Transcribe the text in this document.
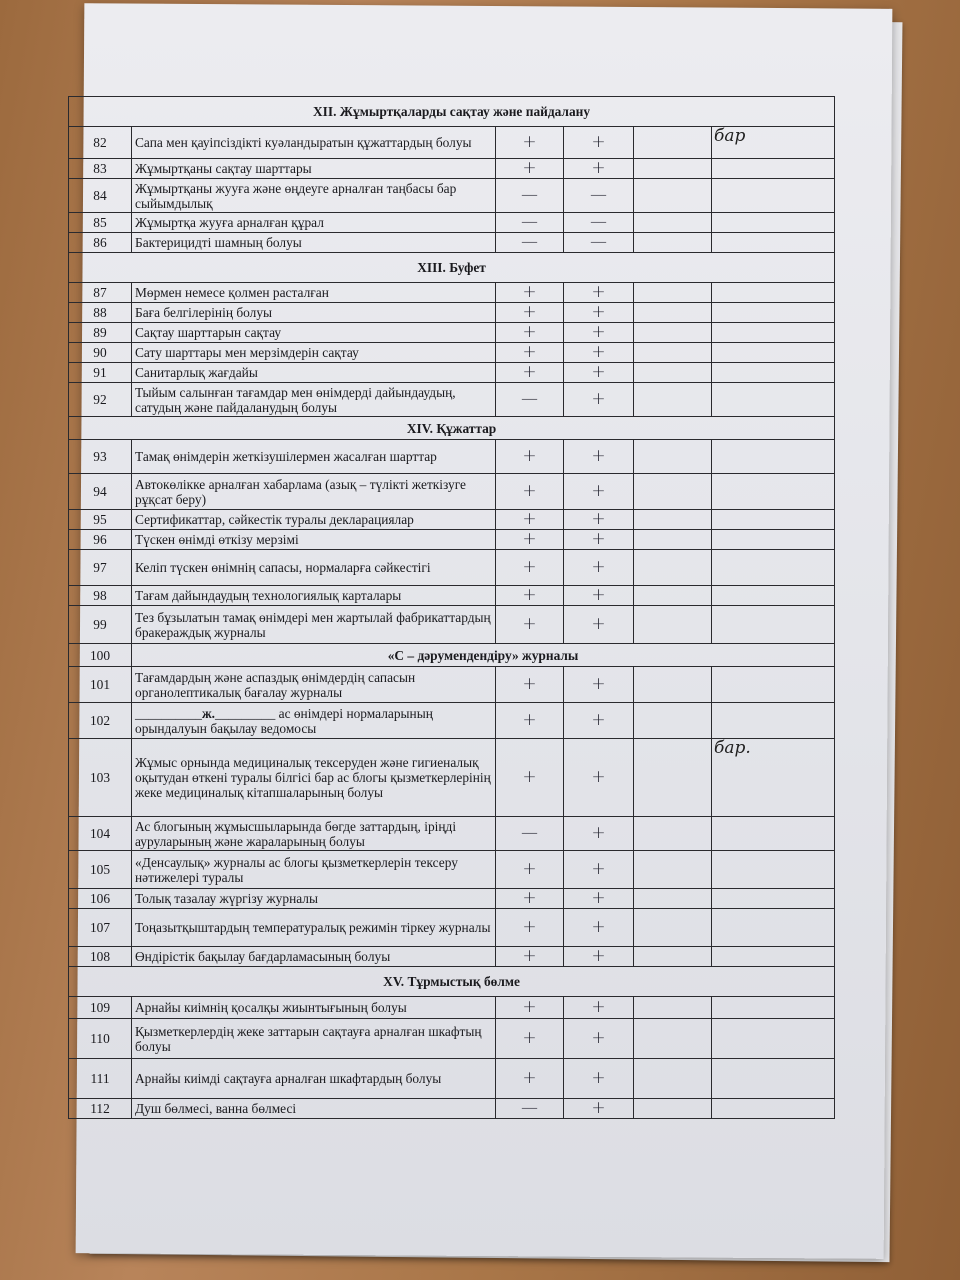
XII. Жұмыртқаларды сақтау және пайдалану					
82	Сапа мен қауіпсіздікті куәландыратын құжаттардың болуы	+	+		бар
83	Жұмыртқаны сақтау шарттары	+	+		
84	Жұмыртқаны жууға және өңдеуге арналған таңбасы бар сыйымдылық	—	—		
85	Жұмыртқа жууға арналған құрал	—	—		
86	Бактерицидті шамның болуы	—	—		
XIII. Буфет					
87	Мөрмен немесе қолмен расталған	+	+		
88	Баға белгілерінің болуы	+	+		
89	Сақтау шарттарын сақтау	+	+		
90	Сату шарттары мен мерзімдерін сақтау	+	+		
91	Санитарлық жағдайы	+	+		
92	Тыйым салынған тағамдар мен өнімдерді дайындаудың, сатудың және пайдаланудың болуы	—	+		
XIV. Құжаттар					
93	Тамақ өнімдерін жеткізушілермен жасалған шарттар	+	+		
94	Автокөлікке арналған хабарлама (азық – түлікті жеткізуге рұқсат беру)	+	+		
95	Сертификаттар, сәйкестік туралы декларациялар	+	+		
96	Түскен өнімді өткізу мерзімі	+	+		
97	Келіп түскен өнімнің сапасы, нормаларға сәйкестігі	+	+		
98	Тағам дайындаудың технологиялық карталары	+	+		
99	Тез бұзылатын тамақ өнімдері мен жартылай фабрикаттардың бракераждық журналы	+	+		
100	«С – дәрумендендіру» журналы				
101	Тағамдардың және аспаздық өнімдердің сапасын органолептикалық бағалау журналы	+	+		
102	__________ж._________ ас өнімдері нормаларының орындалуын бақылау ведомосы	+	+		
103	Жұмыс орнында медициналық тексеруден және гигиеналық оқытудан өткені туралы білгісі бар ас блогы қызметкерлерінің жеке медициналық кітапшаларының болуы	+	+		бар.
104	Ас блогының жұмысшыларында бөгде заттардың, іріңді ауруларының және жараларының болуы	—	+		
105	«Денсаулық» журналы ас блогы қызметкерлерін тексеру нәтижелері туралы	+	+		
106	Толық тазалау жүргізу журналы	+	+		
107	Тоңазытқыштардың температуралық режимін тіркеу журналы	+	+		
108	Өндірістік бақылау бағдарламасының болуы	+	+		
XV. Тұрмыстық бөлме					
109	Арнайы киімнің қосалқы жиынтығының болуы	+	+		
110	Қызметкерлердің жеке заттарын сақтауға арналған шкафтың болуы	+	+		
111	Арнайы киімді сақтауға арналған шкафтардың болуы	+	+		
112	Душ бөлмесі, ванна бөлмесі	—	+		
